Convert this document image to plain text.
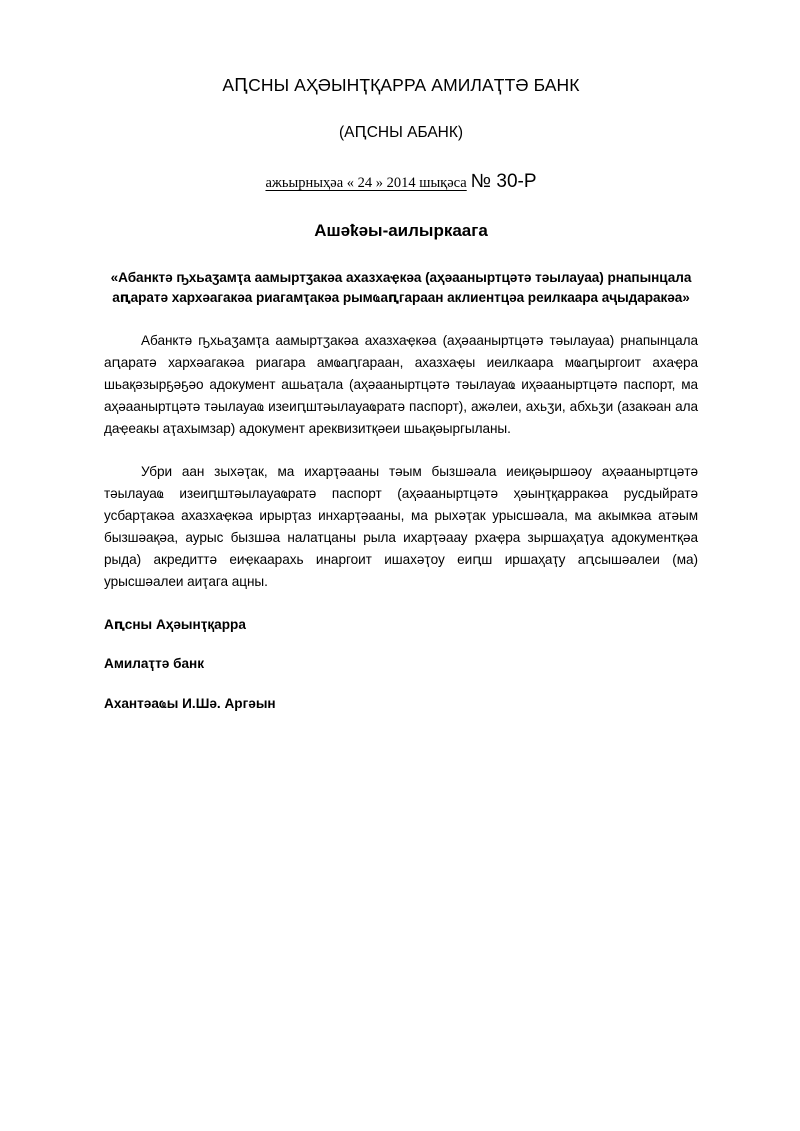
АԤСНЫ АҲӘЫНҬҚАРРА АМИЛАҬТӘ БАНК
(АԤСНЫ АБАНК)

ажьырныҳәа « 24 » 2014 шықәса № 30-Р

Ашәҟәы-аилыркаага

«Абанктә ҧхьаӡамҭа аамыртӡакәа ахазхаҿкәа (аҳәааныртцәтә тәылауаа) рнапынцала аԥаратә хархәагакәа риагамҭакәа рымҩаԥгараан аклиентцәа реилкаара аҷыдаракәа»

Абанктә ҧхьаӡамҭа аамыртӡакәа ахазхаҿкәа (аҳәааныртцәтә тәылауаа) рнапынцала аԥаратә хархәагакәа риагара амҩаԥгараан, ахазхаҿы иеилкаара мҩаԥыргоит ахаҿра шьақәзырҕәҕәо адокумент ашьаҭала (аҳәааныртцәтә тәылауаҩ иҳәааныртцәтә паспорт, ма аҳәааныртцәтә тәылауаҩ изеиԥштәылауаҩратә паспорт), ажәлеи, ахьӡи, абхьӡи (азакәан ала даҿеакы аҭахымзар) адокумент ареквизитқәеи шьақәыргыланы.

Убри аан зыхәҭак, ма ихарҭәааны тәым бызшәала иеиқәыршәоу аҳәааныртцәтә тәылауаҩ изеиԥштәылауаҩратә паспорт (аҳәааныртцәтә ҳәынҭқарракәа русдыйратә усбарҭакәа ахазхаҿкәа ирырҭаз инхарҭәааны, ма рыхәҭак урысшәала, ма акымкәа атәым бызшәақәа, аурыс бызшәа налатцаны рыла ихарҭәаау рхаҿра зыршаҳаҭуа адокументқәа рыда) акредиттә еиҿкаарахь инаргоит ишахәҭоу еиԥш иршаҳаҭу аԥсышәалеи (ма) урысшәалеи аиҭага ацны.

Аԥсны Аҳәынҭқарра

Амилаҭтә банк

Ахантәаҩы И.Шә. Аргәын
